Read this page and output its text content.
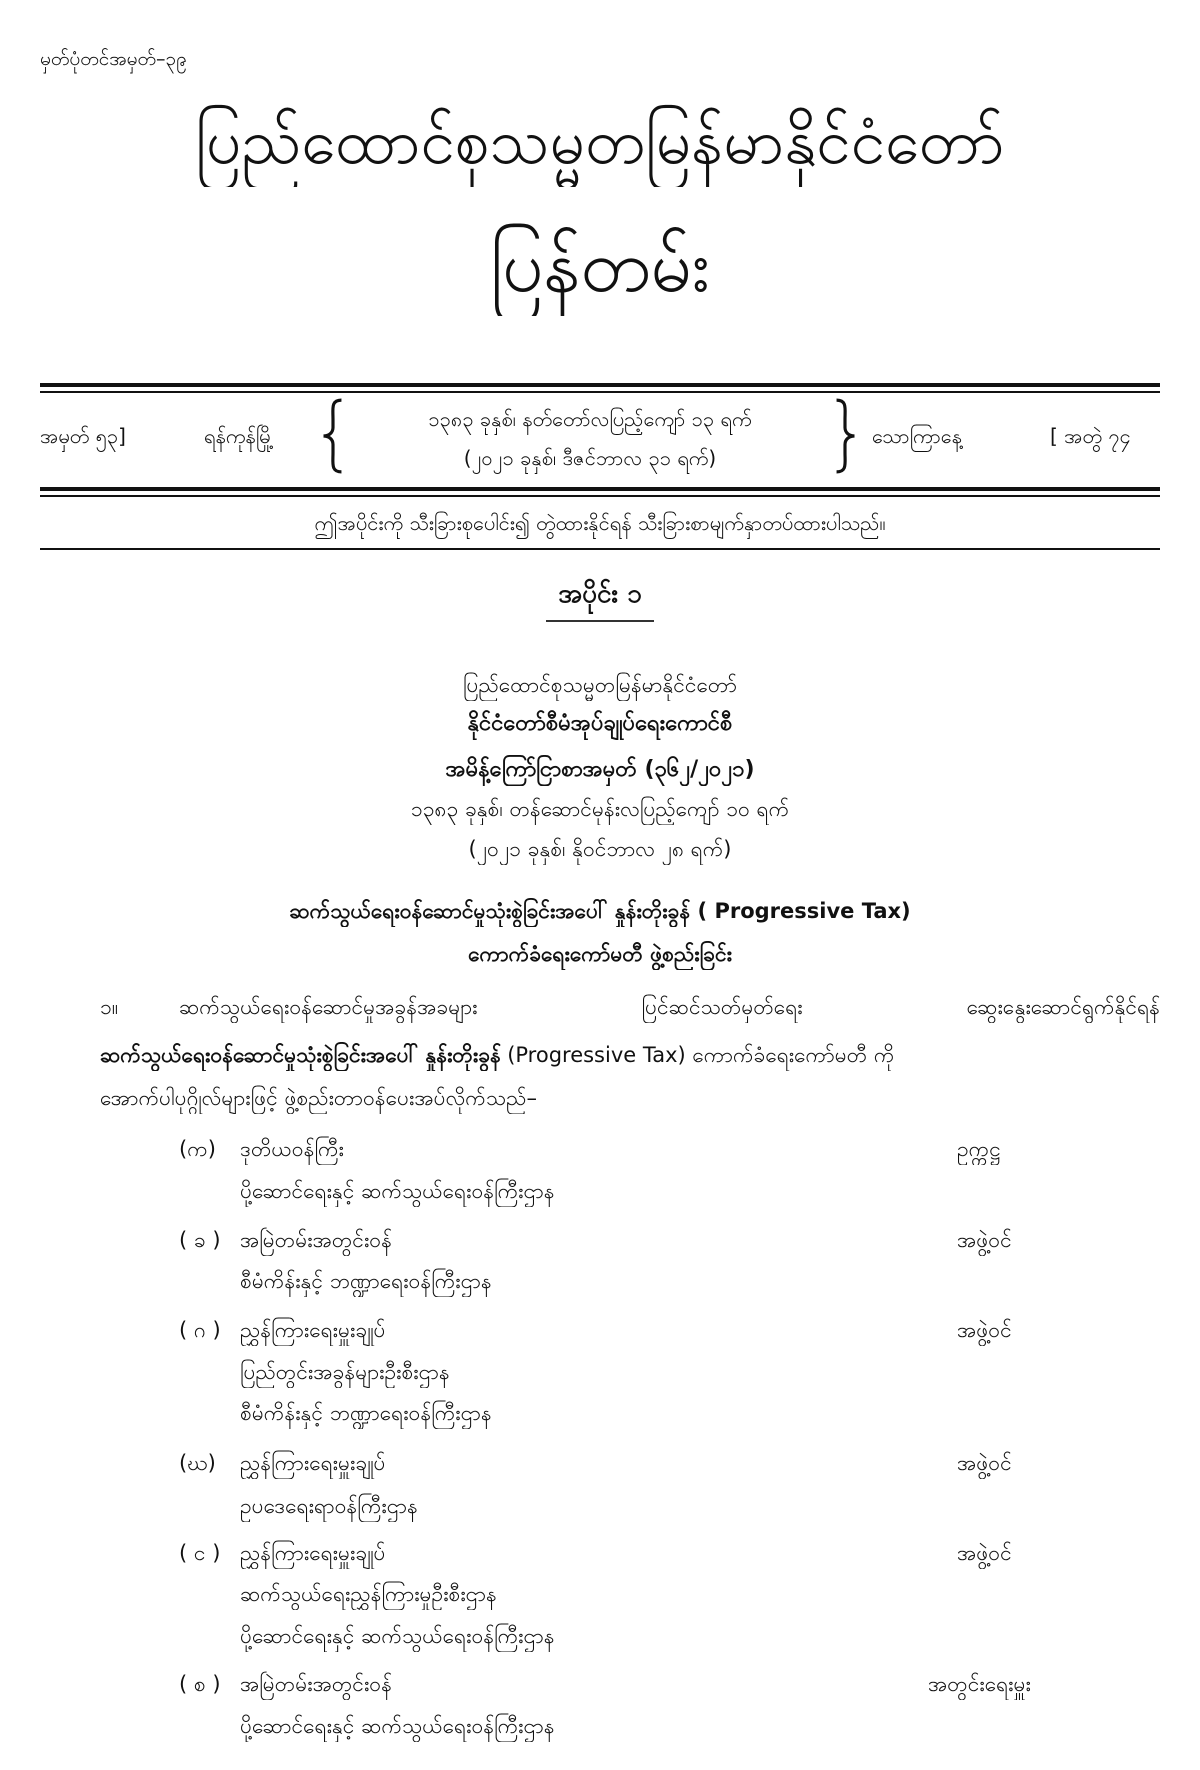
မှတ်ပုံတင်အမှတ်–၃၉
ပြည်ထောင်စုသမ္မတမြန်မာနိုင်ငံတော်
ပြန်တမ်း
အမှတ် ၅၃]	ရန်ကုန်မြို့
၁၃၈၃ ခုနှစ်၊ နတ်တော်လပြည့်ကျော် ၁၃ ရက်
(၂၀၂၁ ခုနှစ်၊ ဒီဇင်ဘာလ ၃၁ ရက်)
သောကြာနေ့	[ အတွဲ ၇၄
ဤအပိုင်းကို သီးခြားစုပေါင်း၍ တွဲထားနိုင်ရန် သီးခြားစာမျက်နှာတပ်ထားပါသည်။
အပိုင်း ၁
ပြည်ထောင်စုသမ္မတမြန်မာနိုင်ငံတော်
နိုင်ငံတော်စီမံအုပ်ချုပ်ရေးကောင်စီ
အမိန့်ကြော်ငြာစာအမှတ် (၃၆၂/၂၀၂၁)
၁၃၈၃ ခုနှစ်၊ တန်ဆောင်မုန်းလပြည့်ကျော် ၁၀ ရက်
(၂၀၂၁ ခုနှစ်၊ နိုဝင်ဘာလ ၂၈ ရက်)
ဆက်သွယ်ရေးဝန်ဆောင်မှုသုံးစွဲခြင်းအပေါ် နှုန်းတိုးခွန် ( Progressive Tax)
ကောက်ခံရေးကော်မတီ ဖွဲ့စည်းခြင်း
၁။	ဆက်သွယ်ရေးဝန်ဆောင်မှုအခွန်အခများ ပြင်ဆင်သတ်မှတ်ရေး ဆွေးနွေးဆောင်ရွက်နိုင်ရန်
ဆက်သွယ်ရေးဝန်ဆောင်မှုသုံးစွဲခြင်းအပေါ် နှုန်းတိုးခွန် (Progressive Tax) ကောက်ခံရေးကော်မတီ ကို
အောက်ပါပုဂ္ဂိုလ်များဖြင့် ဖွဲ့စည်းတာဝန်ပေးအပ်လိုက်သည်–
(က)	ဒုတိယဝန်ကြီး	ဥက္ကဋ္ဌ
ပို့ဆောင်ရေးနှင့် ဆက်သွယ်ရေးဝန်ကြီးဌာန
( ခ ) အမြဲတမ်းအတွင်းဝန်	အဖွဲ့ဝင်
စီမံကိန်းနှင့် ဘဏ္ဍာရေးဝန်ကြီးဌာန
( ဂ ) ညွှန်ကြားရေးမှူးချုပ်	အဖွဲ့ဝင်
ပြည်တွင်းအခွန်များဦးစီးဌာန
စီမံကိန်းနှင့် ဘဏ္ဍာရေးဝန်ကြီးဌာန
(ဃ)	ညွှန်ကြားရေးမှူးချုပ်	အဖွဲ့ဝင်
ဥပဒေရေးရာဝန်ကြီးဌာန
( င ) ညွှန်ကြားရေးမှူးချုပ်	အဖွဲ့ဝင်
ဆက်သွယ်ရေးညွှန်ကြားမှုဦးစီးဌာန
ပို့ဆောင်ရေးနှင့် ဆက်သွယ်ရေးဝန်ကြီးဌာန
( စ ) အမြဲတမ်းအတွင်းဝန်	အတွင်းရေးမှူး
ပို့ဆောင်ရေးနှင့် ဆက်သွယ်ရေးဝန်ကြီးဌာန
